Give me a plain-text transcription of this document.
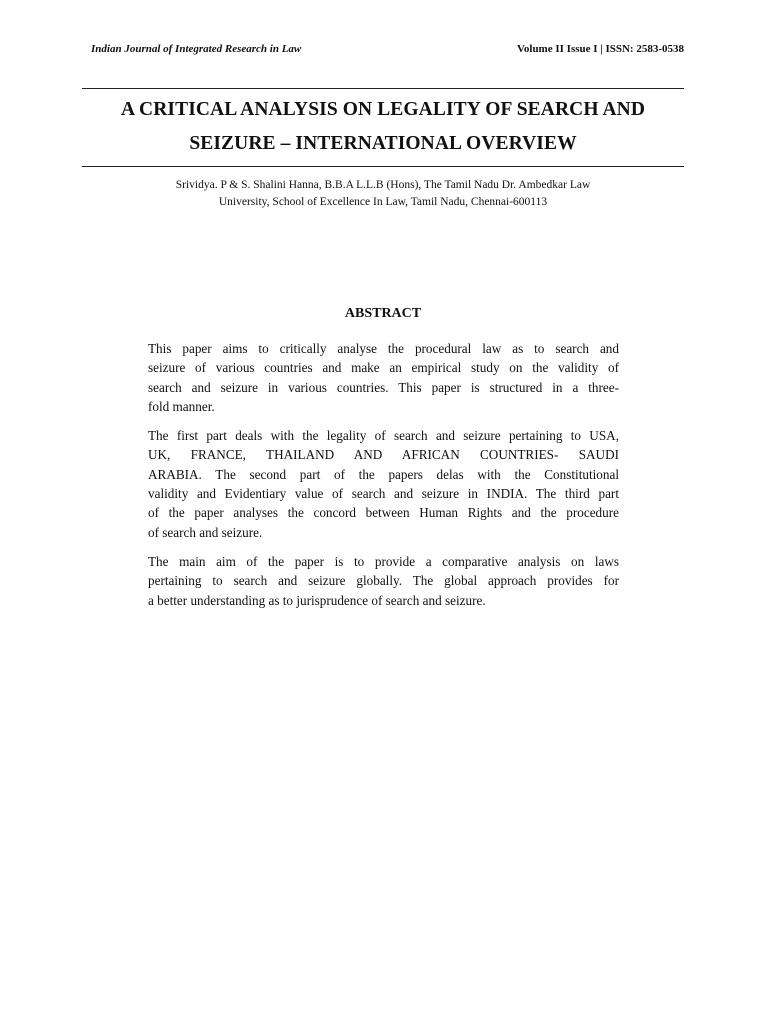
Indian Journal of Integrated Research in Law	Volume II Issue I | ISSN: 2583-0538
A CRITICAL ANALYSIS ON LEGALITY OF SEARCH AND
SEIZURE – INTERNATIONAL OVERVIEW
Srividya. P & S. Shalini Hanna, B.B.A L.L.B (Hons), The Tamil Nadu Dr. Ambedkar Law
University, School of Excellence In Law, Tamil Nadu, Chennai-600113
ABSTRACT

This paper aims to critically analyse the procedural law as to search and
seizure of various countries and make an empirical study on the validity of
search and seizure in various countries. This paper is structured in a three-
fold manner.

The first part deals with the legality of search and seizure pertaining to USA,
UK, FRANCE, THAILAND AND AFRICAN COUNTRIES- SAUDI
ARABIA. The second part of the papers delas with the Constitutional
validity and Evidentiary value of search and seizure in INDIA. The third part
of the paper analyses the concord between Human Rights and the procedure
of search and seizure.

The main aim of the paper is to provide a comparative analysis on laws
pertaining to search and seizure globally. The global approach provides for
a better understanding as to jurisprudence of search and seizure.
